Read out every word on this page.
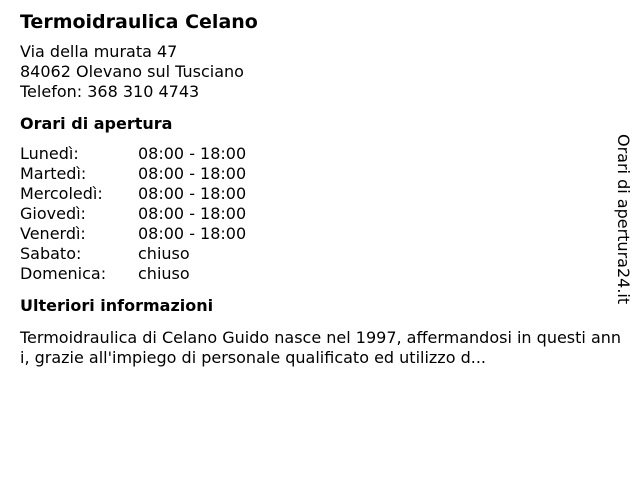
Termoidraulica Celano
Via della murata 47
84062 Olevano sul Tusciano
Telefon: 368 310 4743
Orari di apertura
Lunedì:	08:00 - 18:00
Martedì:	08:00 - 18:00
Mercoledì:	08:00 - 18:00
Giovedì:	08:00 - 18:00
Venerdì:	08:00 - 18:00
Sabato:	chiuso
Domenica:	chiuso
Ulteriori informazioni
Termoidraulica di Celano Guido nasce nel 1997, affermandosi in questi anni, grazie all'impiego di personale qualificato ed utilizzo d...
Orari di apertura24.it
